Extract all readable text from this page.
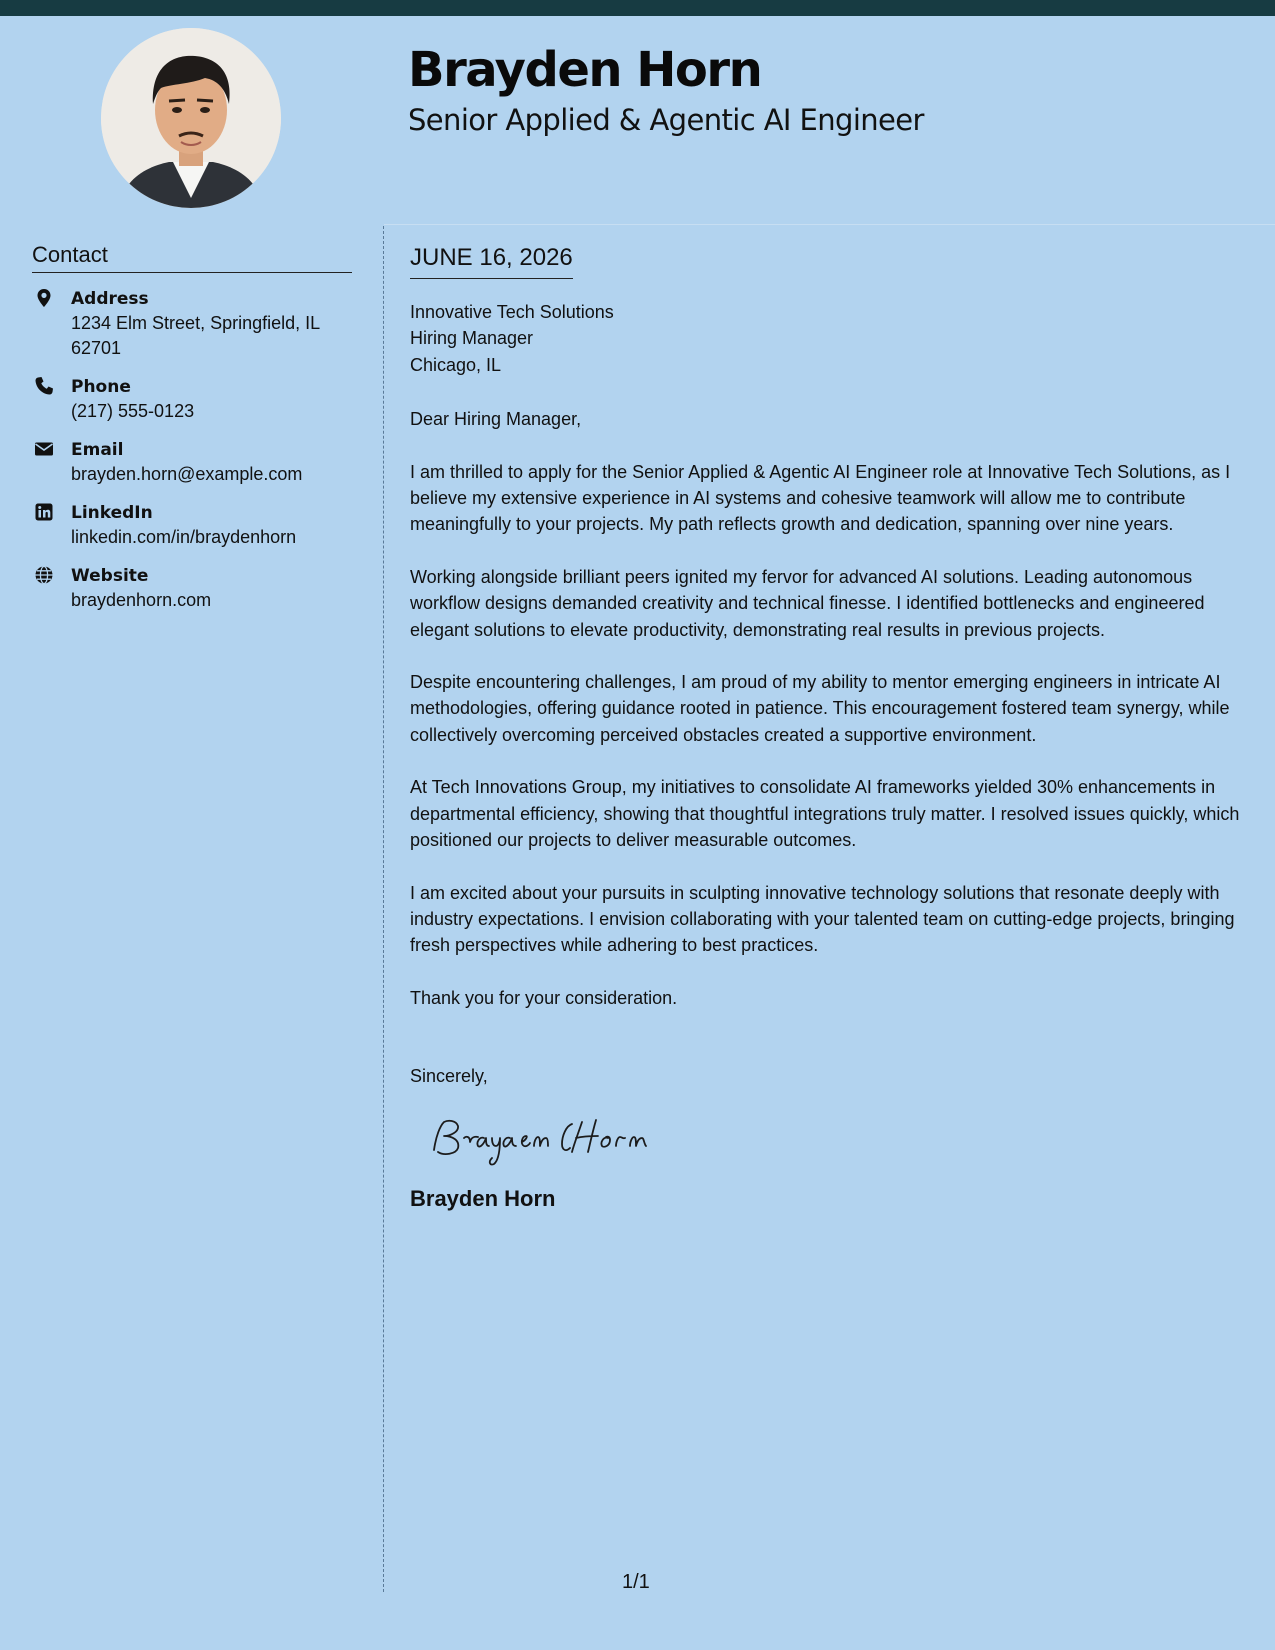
Brayden Horn
Senior Applied & Agentic AI Engineer
Contact
Address
1234 Elm Street, Springfield, IL 62701
Phone
(217) 555-0123
Email
brayden.horn@example.com
LinkedIn
linkedin.com/in/braydenhorn
Website
braydenhorn.com
JUNE 16, 2026
Innovative Tech Solutions
Hiring Manager
Chicago, IL
Dear Hiring Manager,
I am thrilled to apply for the Senior Applied & Agentic AI Engineer role at Innovative Tech Solutions, as I believe my extensive experience in AI systems and cohesive teamwork will allow me to contribute meaningfully to your projects. My path reflects growth and dedication, spanning over nine years.
Working alongside brilliant peers ignited my fervor for advanced AI solutions. Leading autonomous workflow designs demanded creativity and technical finesse. I identified bottlenecks and engineered elegant solutions to elevate productivity, demonstrating real results in previous projects.
Despite encountering challenges, I am proud of my ability to mentor emerging engineers in intricate AI methodologies, offering guidance rooted in patience. This encouragement fostered team synergy, while collectively overcoming perceived obstacles created a supportive environment.
At Tech Innovations Group, my initiatives to consolidate AI frameworks yielded 30% enhancements in departmental efficiency, showing that thoughtful integrations truly matter. I resolved issues quickly, which positioned our projects to deliver measurable outcomes.
I am excited about your pursuits in sculpting innovative technology solutions that resonate deeply with industry expectations. I envision collaborating with your talented team on cutting-edge projects, bringing fresh perspectives while adhering to best practices.
Thank you for your consideration.
Sincerely,
Brayden Horn
1/1
